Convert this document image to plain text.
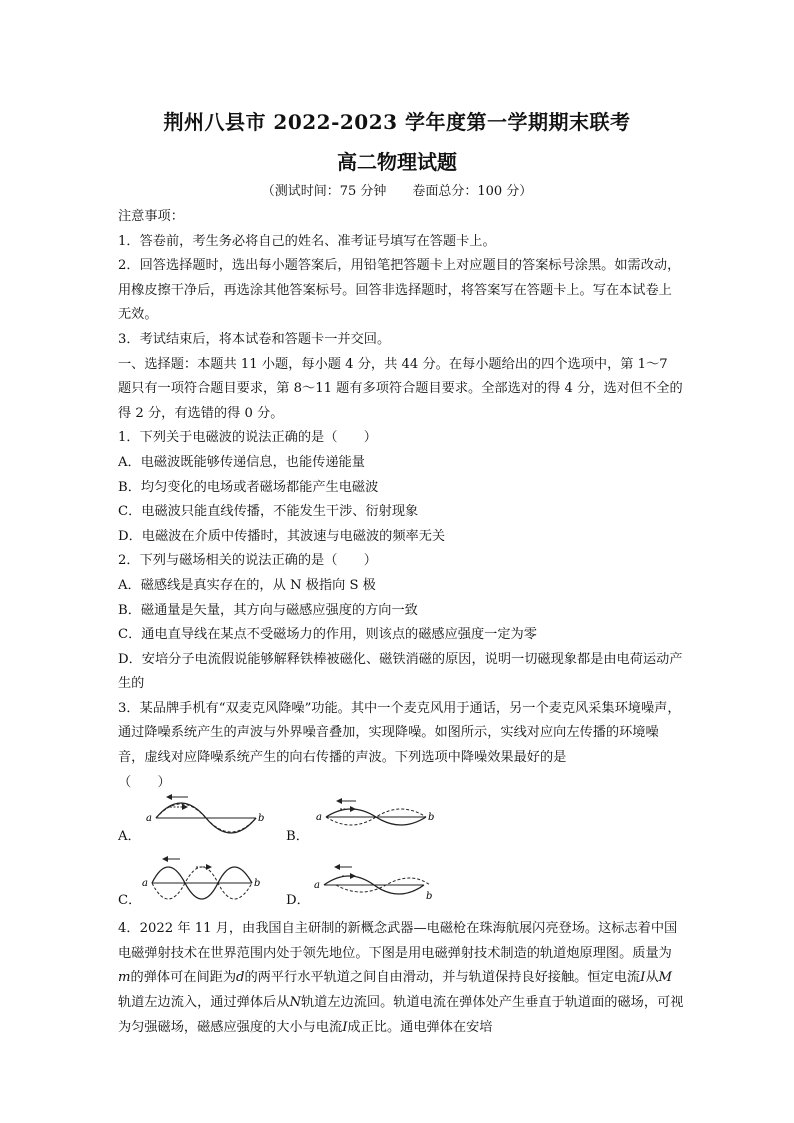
荆州八县市 2022-2023 学年度第一学期期末联考
高二物理试题
（测试时间：75 分钟　　卷面总分：100 分）

注意事项：

1．答卷前，考生务必将自己的姓名、准考证号填写在答题卡上。

2．回答选择题时，选出每小题答案后，用铅笔把答题卡上对应题目的答案标号涂黑。如需改动，用橡皮擦干净后，再选涂其他答案标号。回答非选择题时，将答案写在答题卡上。写在本试卷上无效。

3．考试结束后，将本试卷和答题卡一并交回。

一、选择题：本题共 11 小题，每小题 4 分，共 44 分。在每小题给出的四个选项中，第 1～7 题只有一项符合题目要求，第 8～11 题有多项符合题目要求。全部选对的得 4 分，选对但不全的得 2 分，有选错的得 0 分。

1．下列关于电磁波的说法正确的是（　　）

A．电磁波既能够传递信息，也能传递能量

B．均匀变化的电场或者磁场都能产生电磁波

C．电磁波只能直线传播，不能发生干涉、衍射现象

D．电磁波在介质中传播时，其波速与电磁波的频率无关

2．下列与磁场相关的说法正确的是（　　）

A．磁感线是真实存在的，从 N 极指向 S 极

B．磁通量是矢量，其方向与磁感应强度的方向一致

C．通电直导线在某点不受磁场力的作用，则该点的磁感应强度一定为零

D．安培分子电流假说能够解释铁棒被磁化、磁铁消磁的原因，说明一切磁现象都是由电荷运动产生的

3．某品牌手机有“双麦克风降噪”功能。其中一个麦克风用于通话，另一个麦克风采集环境噪声，通过降噪系统产生的声波与外界噪音叠加，实现降噪。如图所示，实线对应向左传播的环境噪音，虚线对应降噪系统产生的向右传播的声波。下列选项中降噪效果最好的是

（　　）

A．
a	b
B．
a	b
C．
a	b
D．
a
b

4．2022 年 11 月，由我国自主研制的新概念武器—电磁枪在珠海航展闪亮登场。这标志着中国电磁弹射技术在世界范围内处于领先地位。下图是用电磁弹射技术制造的轨道炮原理图。质量为m的弹体可在间距为d的两平行水平轨道之间自由滑动，并与轨道保持良好接触。恒定电流I从M轨道左边流入，通过弹体后从N轨道左边流回。轨道电流在弹体处产生垂直于轨道面的磁场，可视为匀强磁场，磁感应强度的大小与电流I成正比。通电弹体在安培
